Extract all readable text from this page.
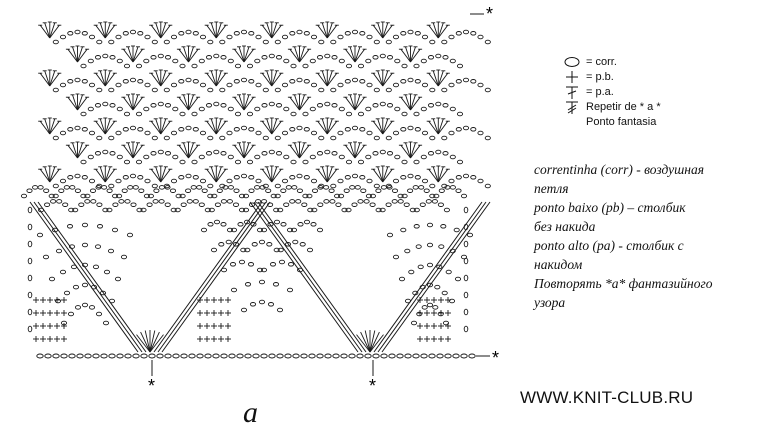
*
*
*	*
= corr.
= p.b.
= p.a.
Repetir de * a *
Ponto fantasia
correntinha (corr) - воздушная
петля
ponto baixo (pb) – столбик
без накида
ponto alto (pa) - столбик с
накидом
Повторять *a* фантазийного
узора
a	WWW.KNIT-CLUB.RU
